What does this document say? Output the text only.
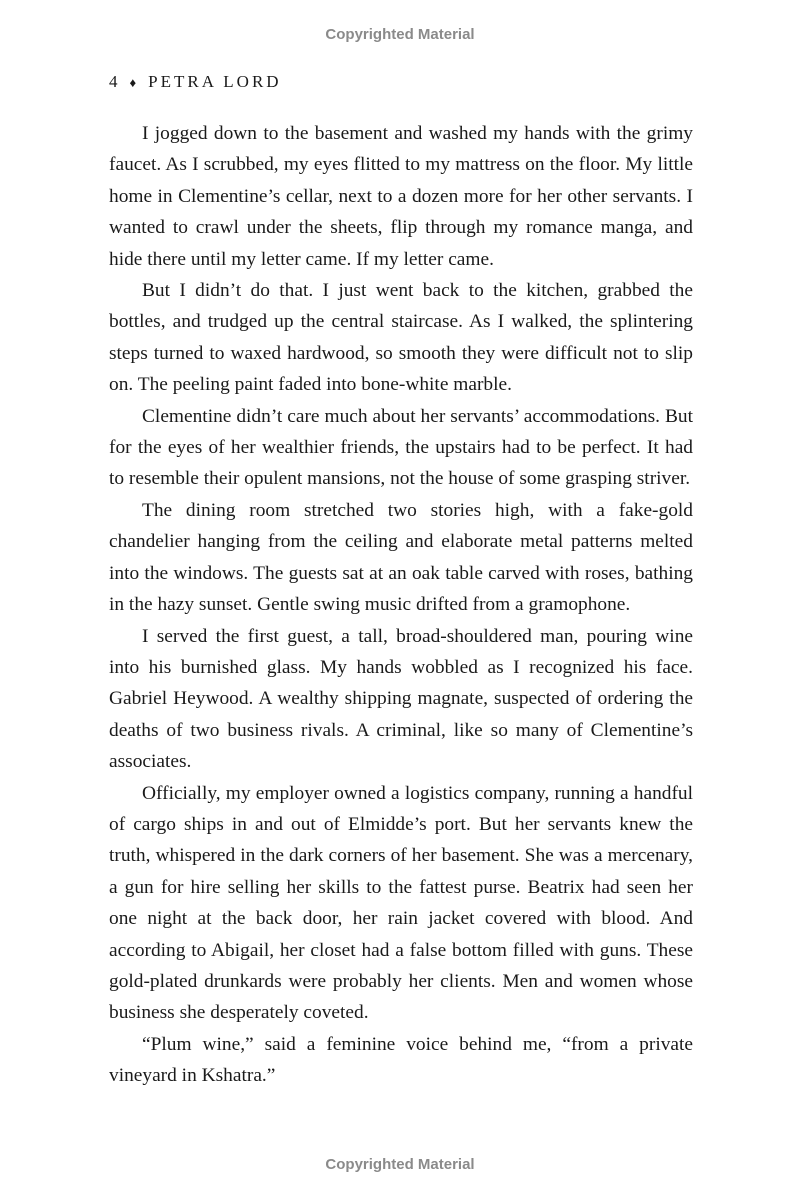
Copyrighted Material
4 ♦ PETRA LORD

I jogged down to the basement and washed my hands with the grimy faucet. As I scrubbed, my eyes flitted to my mattress on the floor. My little home in Clementine’s cellar, next to a dozen more for her other servants. I wanted to crawl under the sheets, flip through my romance manga, and hide there until my letter came. If my letter came.

But I didn’t do that. I just went back to the kitchen, grabbed the bottles, and trudged up the central staircase. As I walked, the splintering steps turned to waxed hardwood, so smooth they were difficult not to slip on. The peeling paint faded into bone-white marble.

Clementine didn’t care much about her servants’ accommodations. But for the eyes of her wealthier friends, the upstairs had to be perfect. It had to resemble their opulent mansions, not the house of some grasping striver.

The dining room stretched two stories high, with a fake-gold chandelier hanging from the ceiling and elaborate metal patterns melted into the windows. The guests sat at an oak table carved with roses, bathing in the hazy sunset. Gentle swing music drifted from a gramophone.

I served the first guest, a tall, broad-shouldered man, pouring wine into his burnished glass. My hands wobbled as I recognized his face. Gabriel Heywood. A wealthy shipping magnate, suspected of ordering the deaths of two business rivals. A criminal, like so many of Clementine’s associates.

Officially, my employer owned a logistics company, running a handful of cargo ships in and out of Elmidde’s port. But her servants knew the truth, whispered in the dark corners of her basement. She was a mercenary, a gun for hire selling her skills to the fattest purse. Beatrix had seen her one night at the back door, her rain jacket covered with blood. And according to Abigail, her closet had a false bottom filled with guns. These gold-plated drunkards were probably her clients. Men and women whose business she desperately coveted.

“Plum wine,” said a feminine voice behind me, “from a private vineyard in Kshatra.”

Copyrighted Material
